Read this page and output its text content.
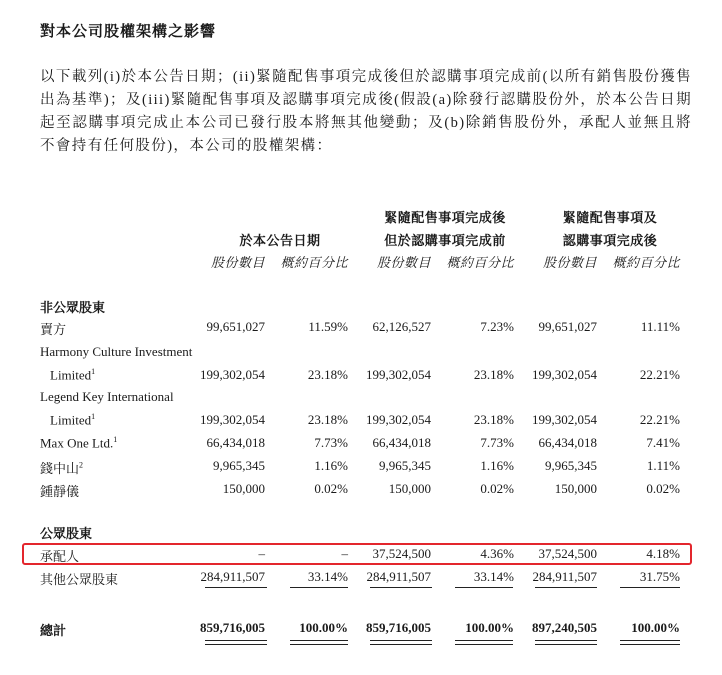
對本公司股權架構之影響
以下載列(i)於本公告日期；(ii)緊隨配售事項完成後但於認購事項完成前(以所有銷售股份獲售出為基準)；及(iii)緊隨配售事項及認購事項完成後(假設(a)除發行認購股份外，於本公告日期起至認購事項完成止本公司已發行股本將無其他變動；及(b)除銷售股份外，承配人並無且將不會持有任何股份)，本公司的股權架構：
於本公告日期
緊隨配售事項完成後
但於認購事項完成前
緊隨配售事項及
認購事項完成後
股份數目	概約百分比	股份數目	概約百分比	股份數目	概約百分比
非公眾股東
公眾股東
賣方	99,651,027	11.59% 62,126,527	7.23% 99,651,027	11.11%
Harmony Culture Investment
Limited$^1$	199,302,054	23.18% 199,302,054	23.18% 199,302,054	22.21%
Legend Key International
Limited$^1$	199,302,054	23.18% 199,302,054	23.18% 199,302,054	22.21%
Max One Ltd.$^1$	66,434,018	7.73% 66,434,018	7.73% 66,434,018	7.41%
錢中山$^2$	9,965,345	1.16% 9,965,345	1.16% 9,965,345	1.11%
鍾靜儀	150,000	0.02%	150,000	0.02%	150,000	0.02%
承配人	–	– 37,524,500	4.36% 37,524,500	4.18%
其他公眾股東	284,911,507	33.14% 284,911,507	33.14% 284,911,507	31.75%
總計	859,716,005	100.00% 859,716,005	100.00% 897,240,505	100.00%
